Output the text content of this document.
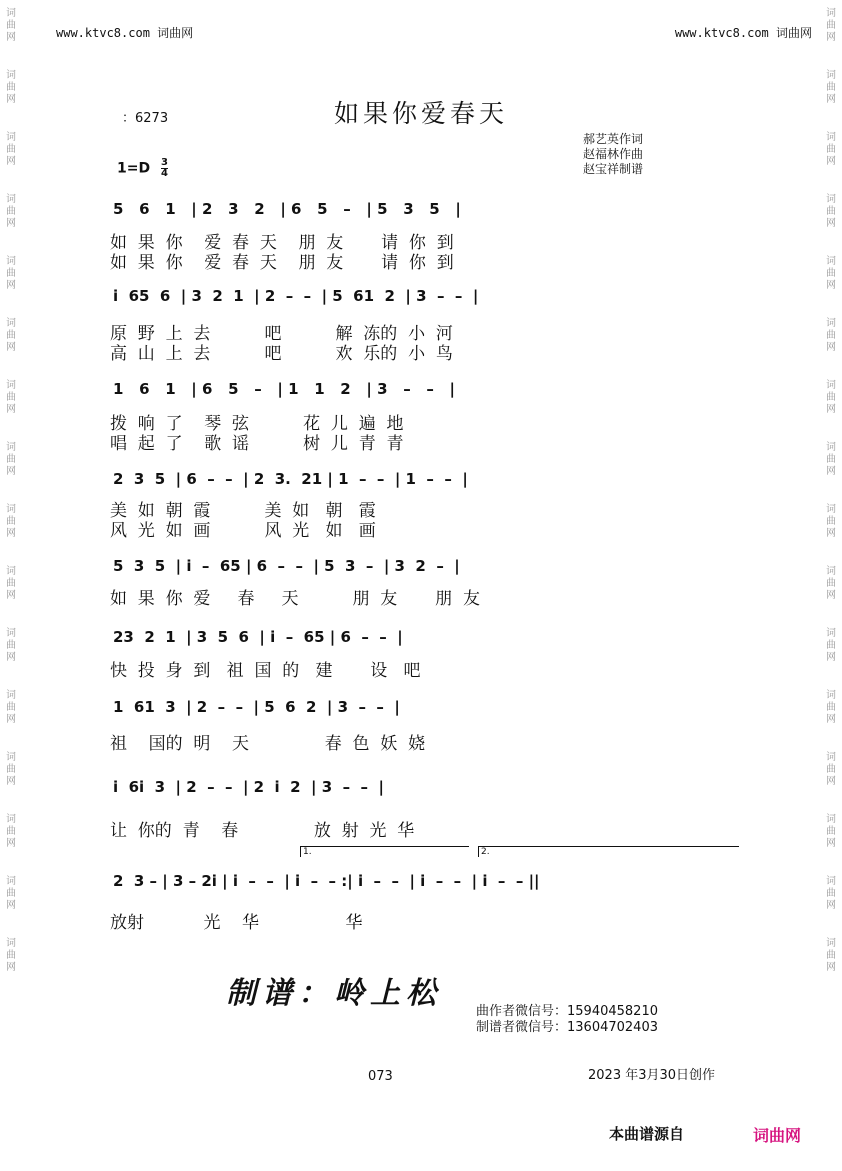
词
曲
网
词
曲
网
词
曲
网
词
曲
网
词
曲
网
词
曲
网
词
曲
网
词
曲
网
词
曲
网
词
曲
网
词
曲
网
词
曲
网
词
曲
网
词
曲
网
词
曲
网
词
曲
网
词
曲
网
词
曲
网
词
曲
网
词
曲
网
词
曲
网
词
曲
网
词
曲
网
词
曲
网
词
曲
网
词
曲
网
词
曲
网
词
曲
网
词
曲
网
词
曲
网
词
曲
网
词
曲
网
www.ktvc8.com 词曲网	www.ktvc8.com 词曲网
：6273	如果你爱春天
郝艺英作词
赵福林作曲
赵宝祥制谱
$1=D \frac{3}{4}$
5   6   1   | 2   3   2   | 6   5   –   | 5   3   5   |
如  果  你    爱  春  天    朋  友       请  你  到
如  果  你    爱  春  天    朋  友       请  你  到
i  65  6  | 3  2  1  | 2  –  –  | 5  61  2  | 3  –  –  |
原  野  上  去          吧          解  冻的  小  河
高  山  上  去          吧          欢  乐的  小  鸟
1   6   1   | 6   5   –   | 1   1   2   | 3   –   –   |
拨  响  了    琴  弦          花  儿  遍  地
唱  起  了    歌  谣          树  儿  青  青
2  3  5  | 6  –  –  | 2  3.  21 | 1  –  –  | 1  –  –  |
美  如  朝  霞          美  如   朝   霞
风  光  如  画          风  光   如   画
5  3  5  | i  –  65 | 6  –  –  | 5  3  –  | 3  2  –  |
如  果  你  爱     春     天          朋  友       朋  友
23  2  1  | 3  5  6  | i  –  65 | 6  –  –  |
快  投  身  到   祖  国  的   建       设   吧
1  61  3  | 2  –  –  | 5  6  2  | 3  –  –  |
祖    国的  明    天              春  色  妖  娆
i  6i  3  | 2  –  –  | 2  i  2  | 3  –  –  |
让  你的  青    春              放  射  光  华
2  3 – | 3 – 2i | i  –  –  | i  –  – :| i  –  –  | i  –  –  | i  –  – ||
1.	2.
放射           光    华                华
制谱：岭上松
曲作者微信号：15940458210
制谱者微信号：13604702403
073	2023 年3月30日创作
本曲谱源自	词曲网
